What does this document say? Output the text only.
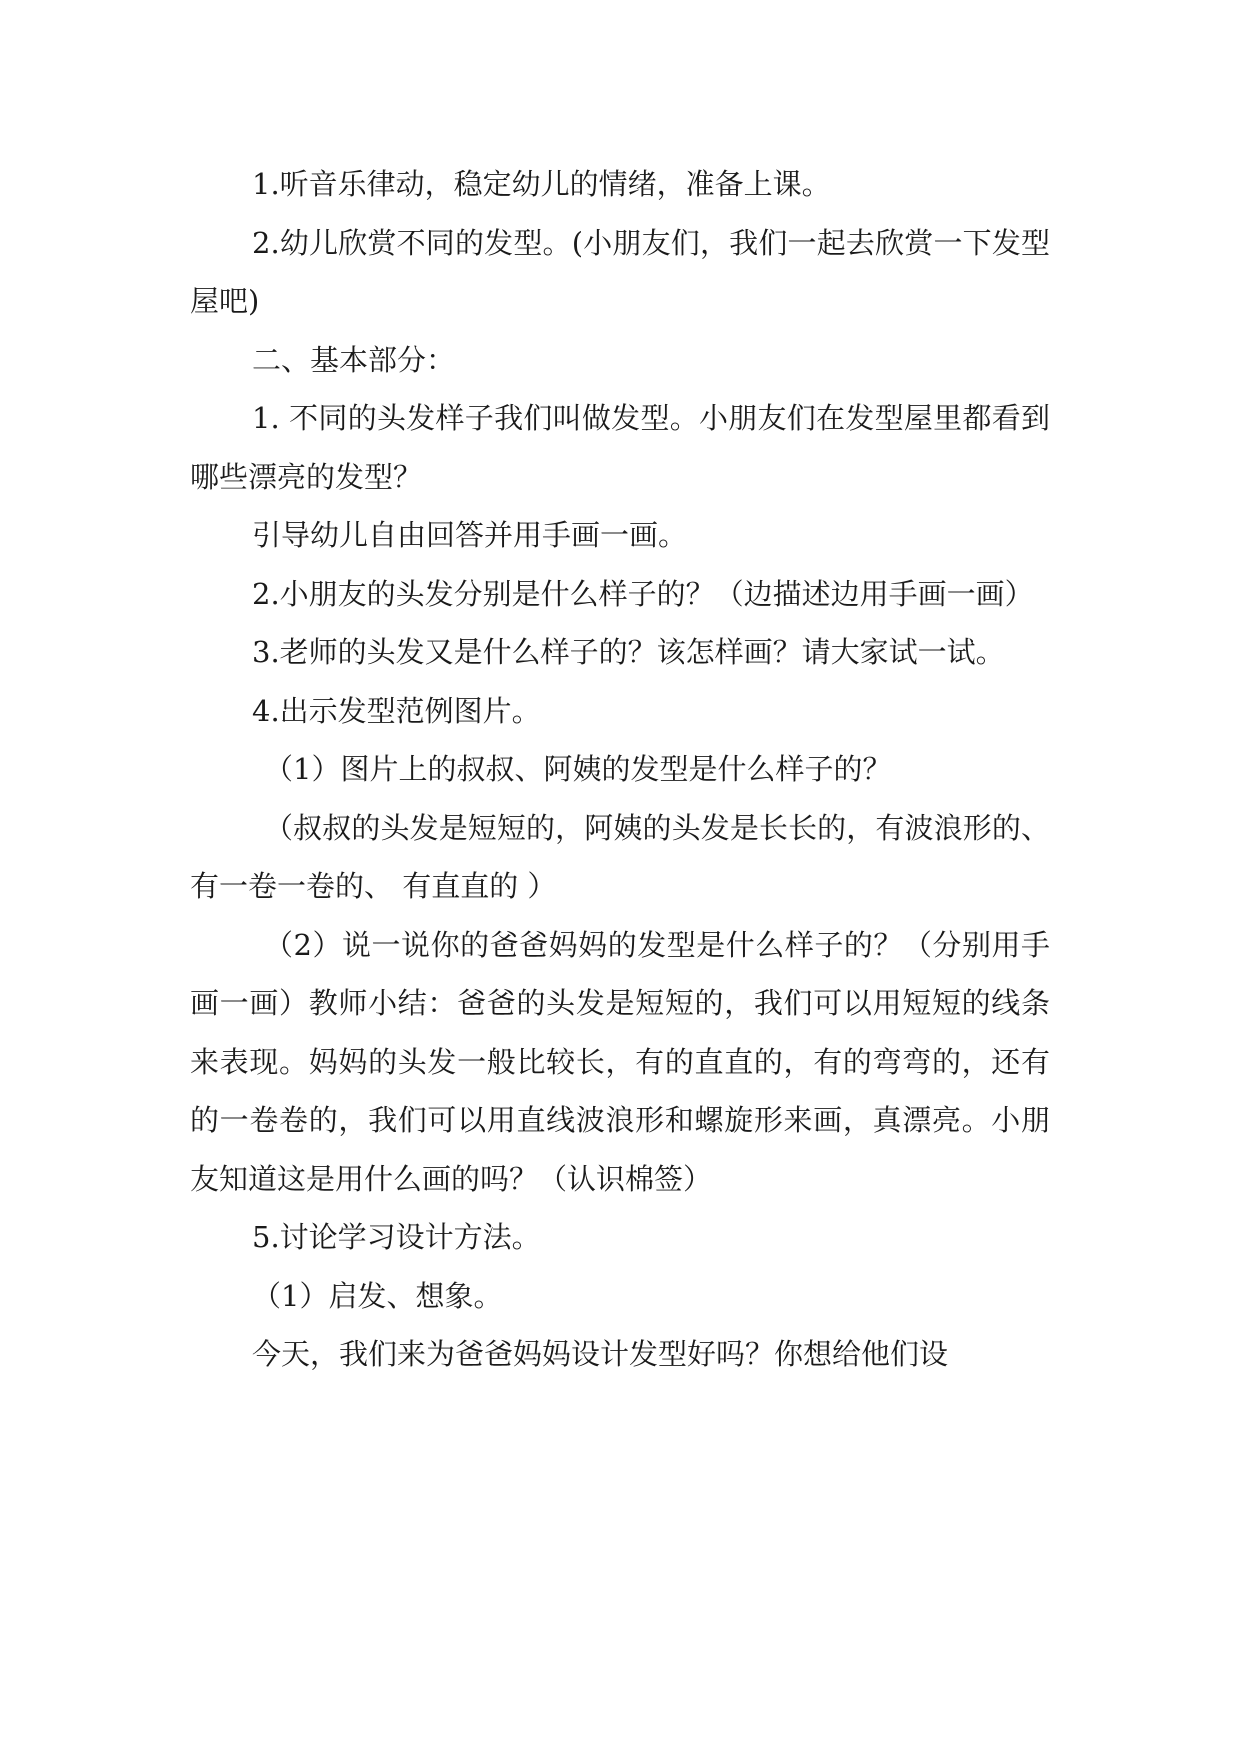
1.听音乐律动，稳定幼儿的情绪，准备上课。

2.幼儿欣赏不同的发型。(小朋友们，我们一起去欣赏一下发型屋吧)

二、基本部分：

1. 不同的头发样子我们叫做发型。小朋友们在发型屋里都看到哪些漂亮的发型？

引导幼儿自由回答并用手画一画。

2.小朋友的头发分别是什么样子的？（边描述边用手画一画）

3.老师的头发又是什么样子的？该怎样画？请大家试一试。

4.出示发型范例图片。

（1）图片上的叔叔、阿姨的发型是什么样子的？

（叔叔的头发是短短的，阿姨的头发是长长的，有波浪形的、 有一卷一卷的、 有直直的 ）

（2）说一说你的爸爸妈妈的发型是什么样子的？（分别用手画一画）教师小结：爸爸的头发是短短的，我们可以用短短的线条来表现。妈妈的头发一般比较长，有的直直的，有的弯弯的，还有的一卷卷的，我们可以用直线波浪形和螺旋形来画，真漂亮。小朋友知道这是用什么画的吗？（认识棉签）

5.讨论学习设计方法。

（1）启发、想象。

今天，我们来为爸爸妈妈设计发型好吗？你想给他们设
